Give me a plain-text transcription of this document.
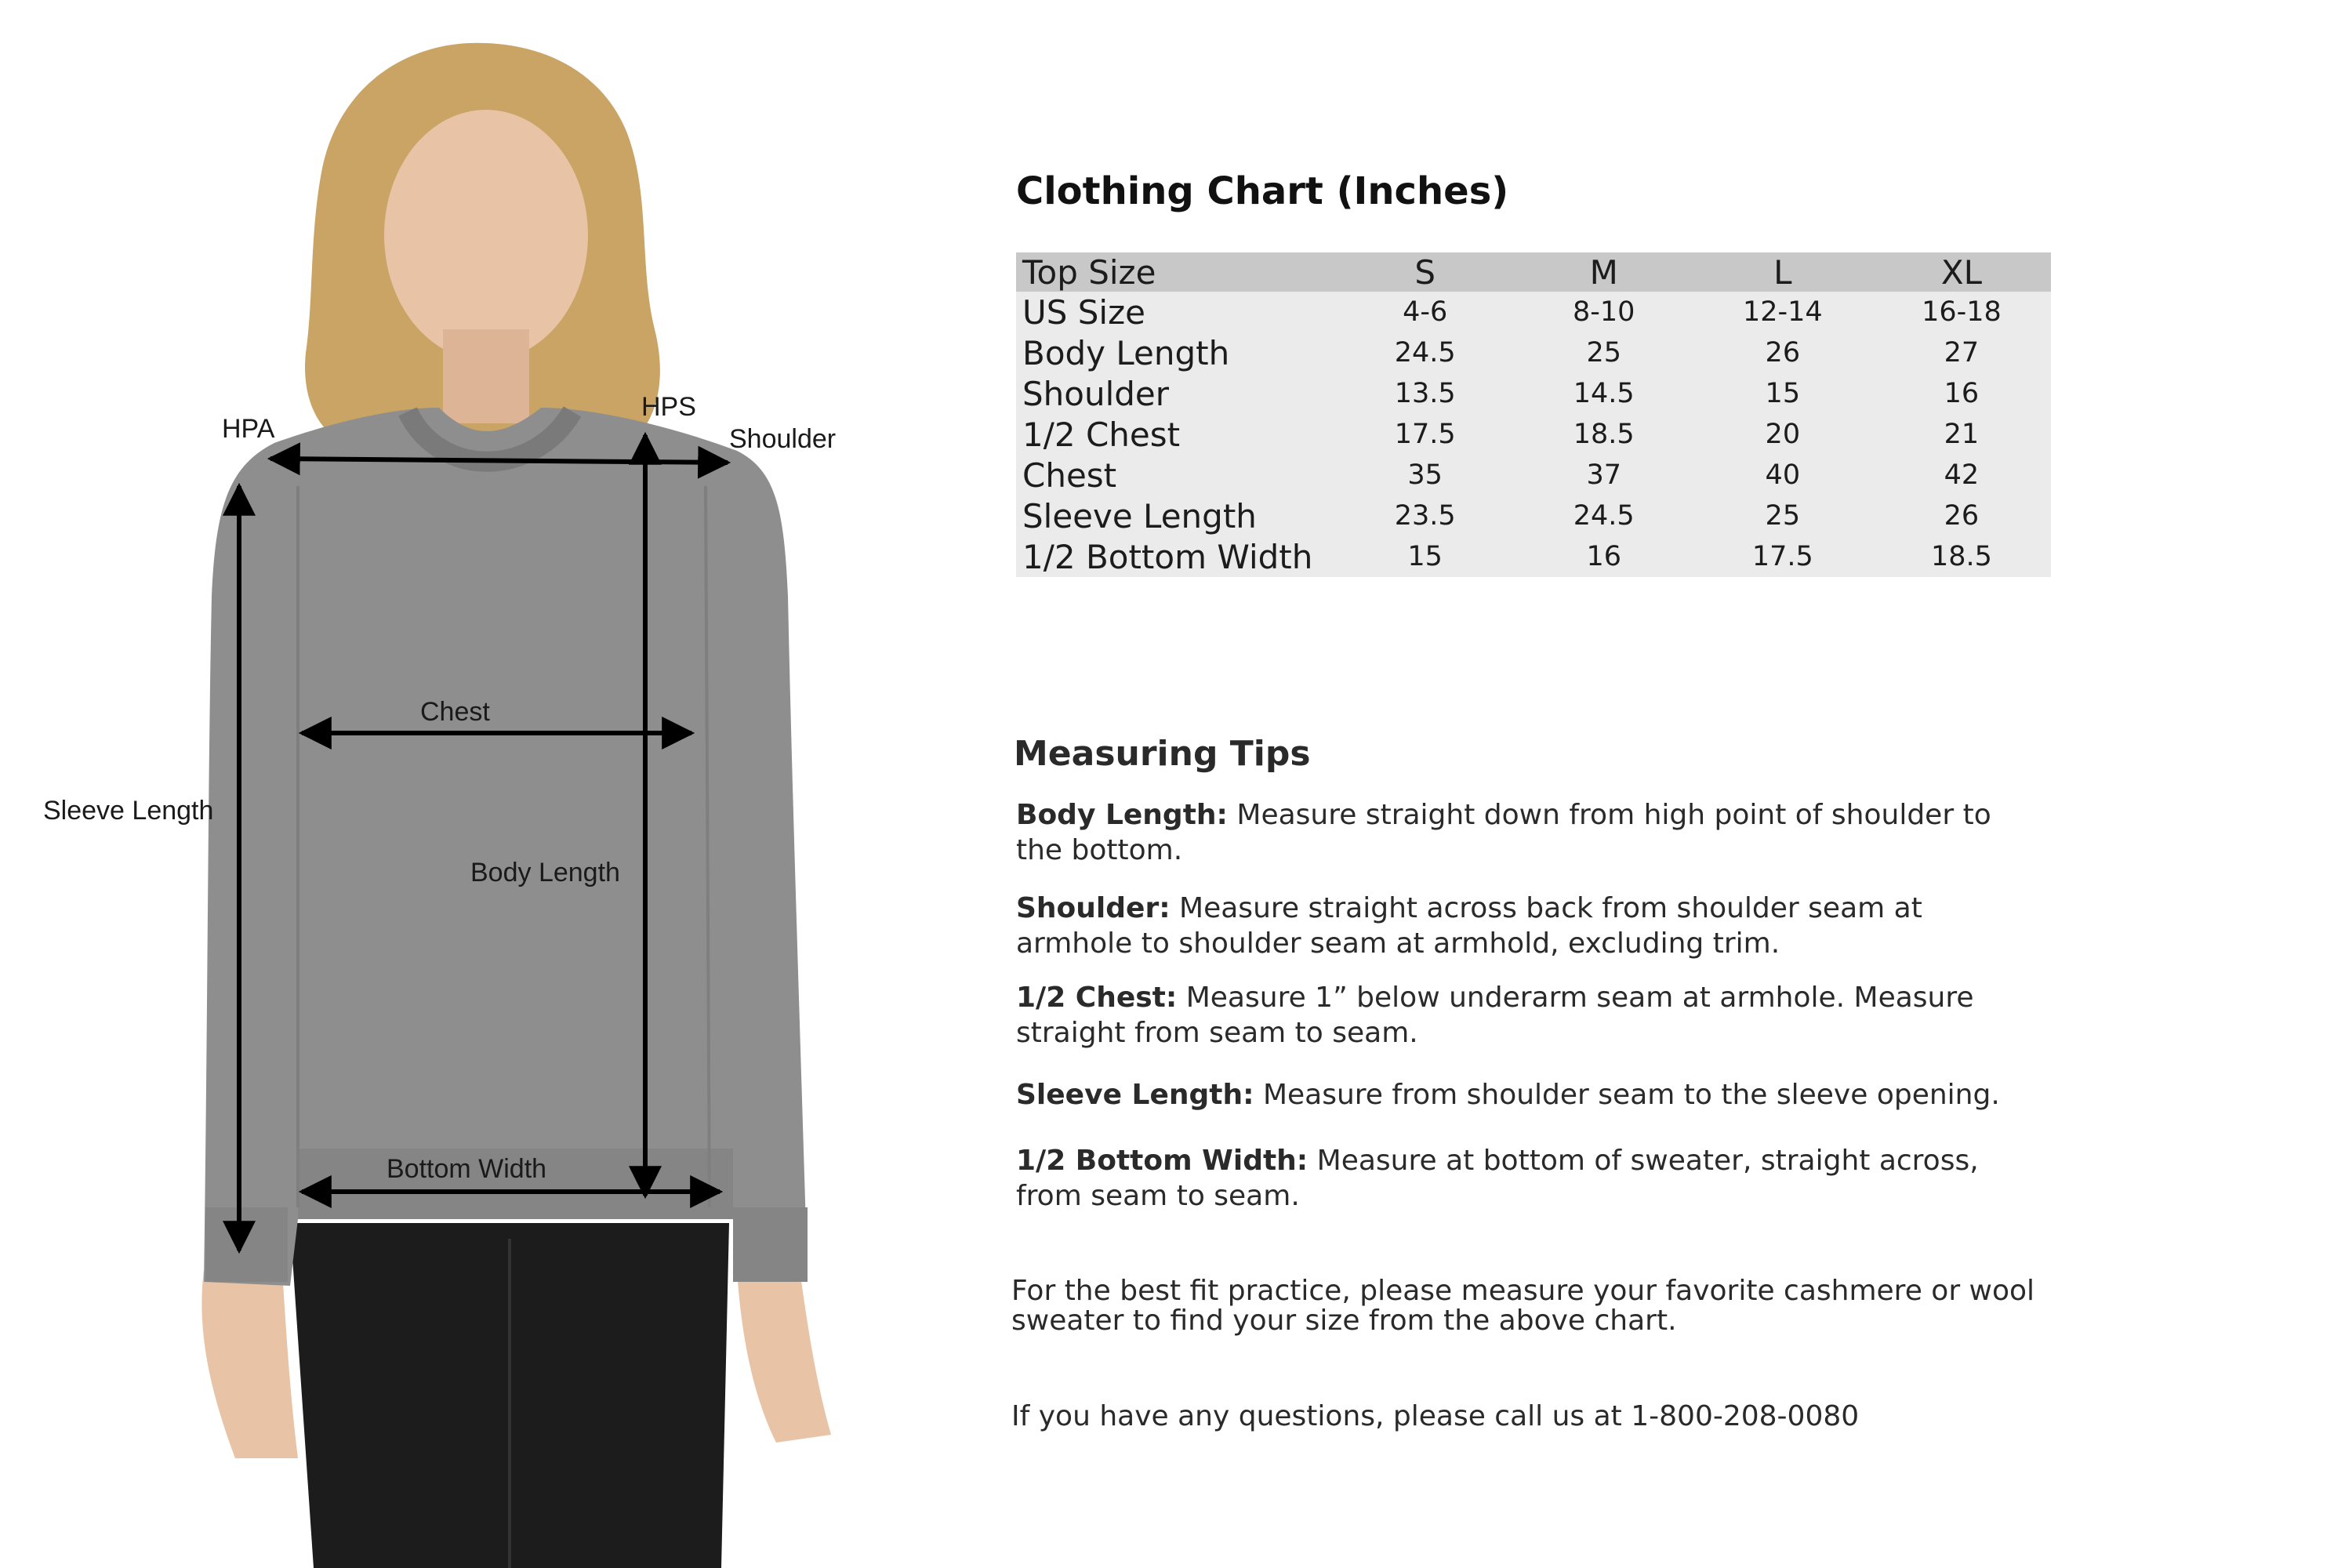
HPA
HPS
Shoulder
Chest
Sleeve Length
Body Length
Bottom Width
Clothing Chart (Inches)
Top Size	S	M	L	XL
US Size	4-6	8-10	12-14	16-18
Body Length	24.5	25	26	27
Shoulder	13.5	14.5	15	16
1/2 Chest	17.5	18.5	20	21
Chest	35	37	40	42
Sleeve Length	23.5	24.5	25	26
1/2 Bottom Width	15	16	17.5	18.5
Measuring Tips
Body Length: Measure straight down from high point of shoulder to the bottom.
Shoulder: Measure straight across back from shoulder seam at armhole to shoulder seam at armhold, excluding trim.
1/2 Chest: Measure 1” below underarm seam at armhole. Measure straight from seam to seam.
Sleeve Length: Measure from shoulder seam to the sleeve opening.
1/2 Bottom Width: Measure at bottom of sweater, straight across, from seam to seam.
For the best fit practice, please measure your favorite cashmere or wool sweater to find your size from the above chart.
If you have any questions, please call us at 1-800-208-0080
